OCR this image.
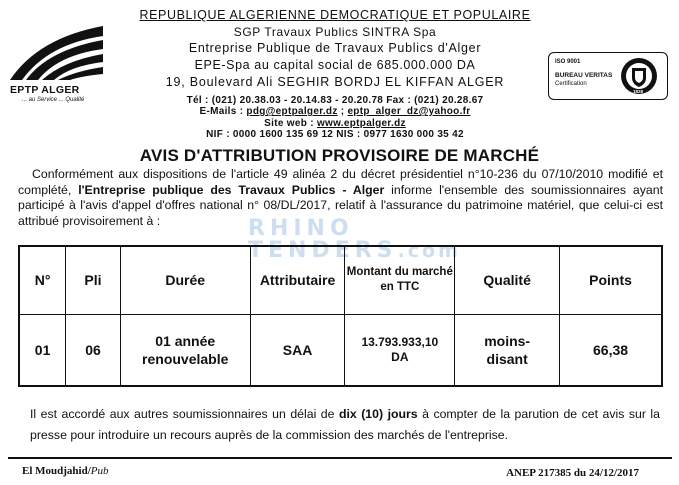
RHINO
TENDERS.com
EPTP ALGER
... au Service ... Qualité
REPUBLIQUE ALGERIENNE DEMOCRATIQUE ET POPULAIRE
SGP Travaux Publics SINTRA Spa
Entreprise Publique de Travaux Publics d'Alger
EPE-Spa au capital social de 685.000.000 DA
19, Boulevard Ali SEGHIR BORDJ EL KIFFAN ALGER
Tél : (021) 20.38.03 - 20.14.83 - 20.20.78 Fax : (021) 20.28.67
E-Mails : pdg@eptpalger.dz ; eptp_alger_dz@yahoo.fr
Site web : www.eptpalger.dz
NIF : 0000 1600 135 69 12 NIS : 0977 1630 000 35 42
ISO 9001
BUREAU VERITAS
Certification
1828
AVIS D'ATTRIBUTION PROVISOIRE DE MARCHÉ

Conformément aux dispositions de l'article 49 alinéa 2 du décret présidentiel n°10-236 du 07/10/2010 modifié et complété, l'Entreprise publique des Travaux Publics - Alger informe l'ensemble des soumissionnaires ayant participé à l'avis d'appel d'offres national n° 08/DL/2017, relatif à l'assurance du patrimoine matériel, que celui-ci est attribué provisoirement à :

N°	Pli	Durée	Attributaire	Montant du marché en TTC	Qualité	Points
01	06	01 année renouvelable	SAA	13.793.933,10 DA	moins-disant	66,38

Il est accordé aux autres soumissionnaires un délai de dix (10) jours à compter de la parution de cet avis sur la presse pour introduire un recours auprès de la commission des marchés de l'entreprise.

El Moudjahid/Pub	ANEP 217385 du 24/12/2017
